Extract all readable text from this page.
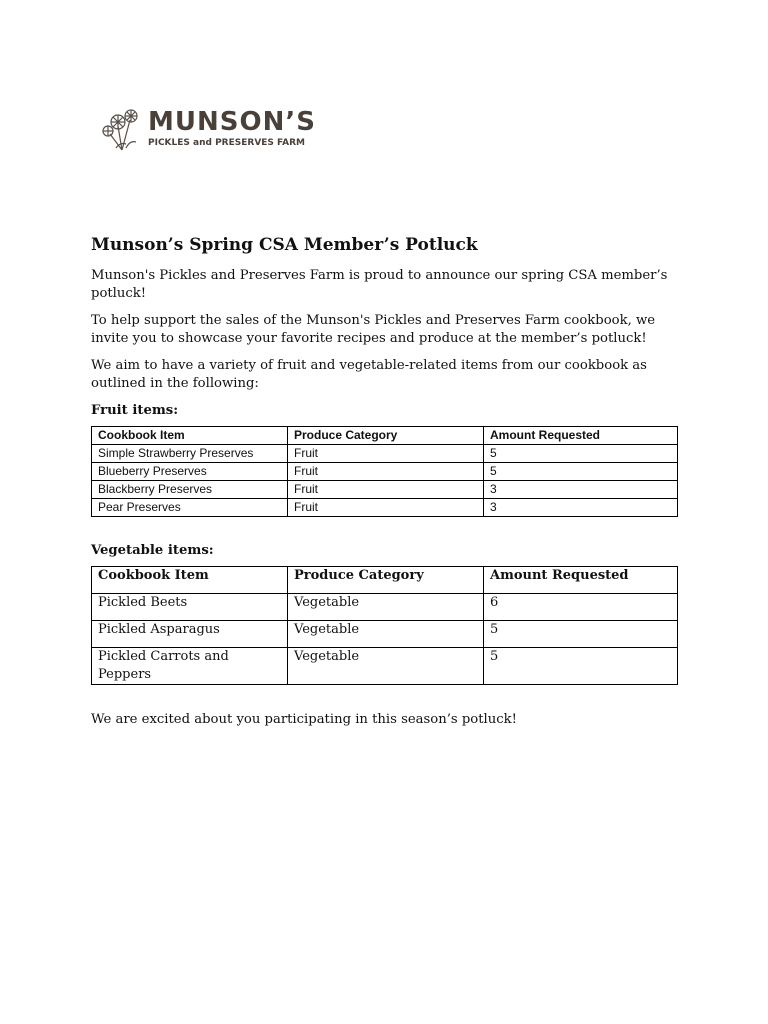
MUNSON’S
PICKLES and PRESERVES FARM
Munson’s Spring CSA Member’s Potluck

Munson's Pickles and Preserves Farm is proud to announce our spring CSA member’s potluck!

To help support the sales of the Munson's Pickles and Preserves Farm cookbook, we invite you to showcase your favorite recipes and produce at the member’s potluck!

We aim to have a variety of fruit and vegetable-related items from our cookbook as outlined in the following:

Fruit items:
Cookbook Item	Produce Category	Amount Requested
Simple Strawberry Preserves	Fruit	5
Blueberry Preserves	Fruit	5
Blackberry Preserves	Fruit	3
Pear Preserves	Fruit	3
Vegetable items:
Cookbook Item	Produce Category	Amount Requested
Pickled Beets	Vegetable	6
Pickled Asparagus	Vegetable	5
Pickled Carrots and Peppers	Vegetable	5

We are excited about you participating in this season’s potluck!
